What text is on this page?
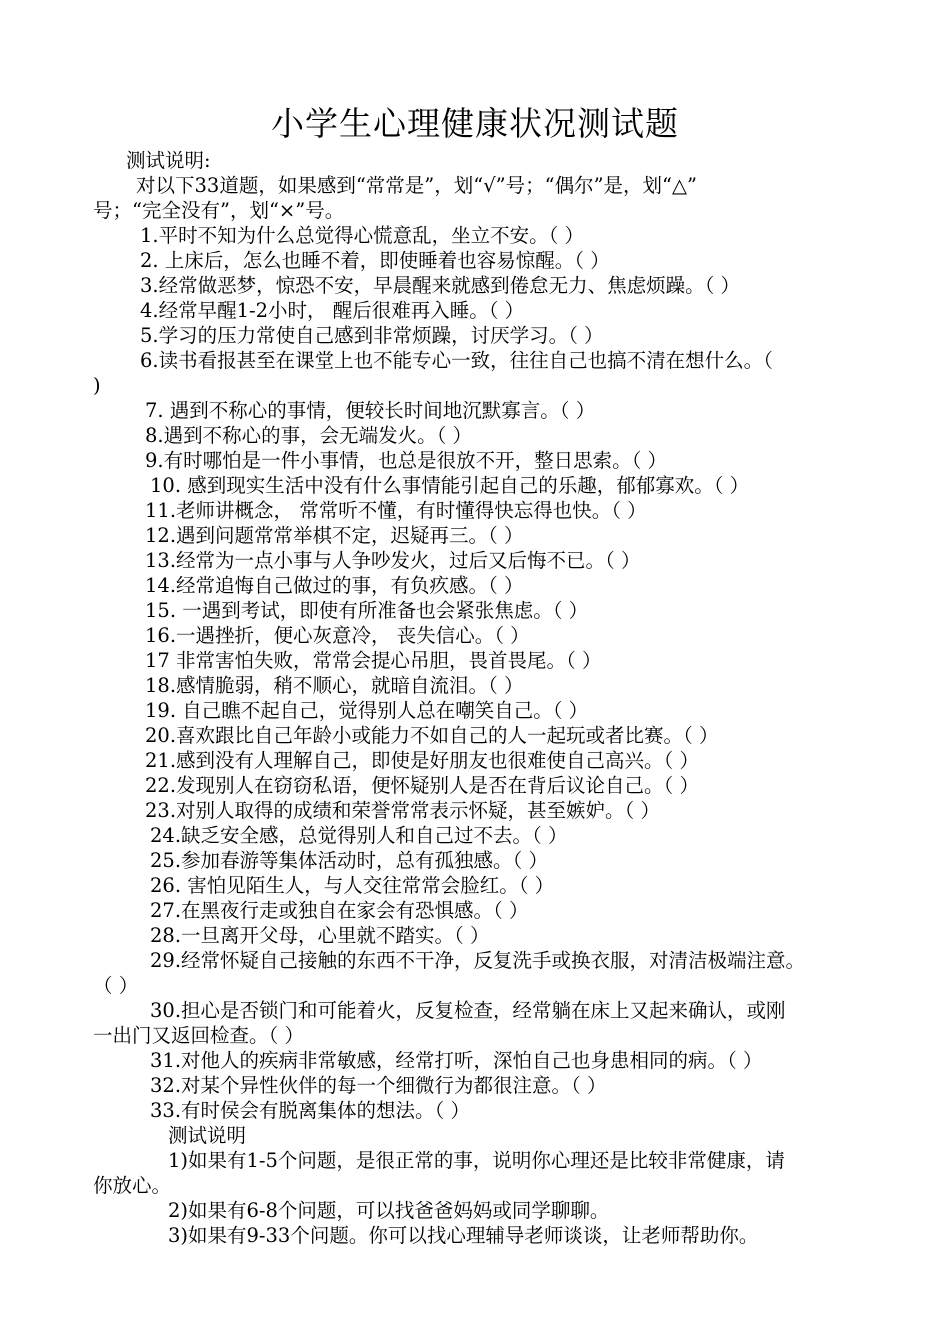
小学生心理健康状况测试题
测试说明:
对以下33道题，如果感到“常常是”，划“√”号；“偶尔”是，划“△”
号；“完全没有”，划“×”号。
1.平时不知为什么总觉得心慌意乱，坐立不安。（ ）
2. 上床后，怎么也睡不着，即使睡着也容易惊醒。（ ）
3.经常做恶梦，惊恐不安，早晨醒来就感到倦怠无力、焦虑烦躁。（ ）
4.经常早醒1-2小时， 醒后很难再入睡。（ ）
5.学习的压力常使自己感到非常烦躁，讨厌学习。（ ）
6.读书看报甚至在课堂上也不能专心一致，往往自己也搞不清在想什么。（
)
7. 遇到不称心的事情，便较长时间地沉默寡言。（ ）
8.遇到不称心的事，会无端发火。（ ）
9.有时哪怕是一件小事情，也总是很放不开，整日思索。（ ）
10. 感到现实生活中没有什么事情能引起自己的乐趣，郁郁寡欢。（ ）
11.老师讲概念， 常常听不懂，有时懂得快忘得也快。（ ）
12.遇到问题常常举棋不定，迟疑再三。（ ）
13.经常为一点小事与人争吵发火，过后又后悔不已。（ ）
14.经常追悔自己做过的事，有负疚感。（ ）
15. 一遇到考试，即使有所准备也会紧张焦虑。（ ）
16.一遇挫折，便心灰意冷， 丧失信心。（ ）
17 非常害怕失败，常常会提心吊胆，畏首畏尾。（ ）
18.感情脆弱，稍不顺心，就暗自流泪。（ ）
19. 自己瞧不起自己，觉得别人总在嘲笑自己。（ ）
20.喜欢跟比自己年龄小或能力不如自己的人一起玩或者比赛。（ ）
21.感到没有人理解自己，即使是好朋友也很难使自己高兴。（ ）
22.发现别人在窃窃私语，便怀疑别人是否在背后议论自己。（ ）
23.对别人取得的成绩和荣誉常常表示怀疑，甚至嫉妒。（ ）
24.缺乏安全感，总觉得别人和自己过不去。（ ）
25.参加春游等集体活动时，总有孤独感。（ ）
26. 害怕见陌生人，与人交往常常会脸红。（ ）
27.在黑夜行走或独自在家会有恐惧感。（ ）
28.一旦离开父母，心里就不踏实。（ ）
29.经常怀疑自己接触的东西不干净，反复洗手或换衣服，对清洁极端注意。
（ ）
30.担心是否锁门和可能着火，反复检查，经常躺在床上又起来确认，或刚
一出门又返回检查。（ ）
31.对他人的疾病非常敏感，经常打听，深怕自己也身患相同的病。（ ）
32.对某个异性伙伴的每一个细微行为都很注意。（ ）
33.有时侯会有脱离集体的想法。（ ）
测试说明
1)如果有1-5个问题，是很正常的事，说明你心理还是比较非常健康，请
你放心。
2)如果有6-8个问题，可以找爸爸妈妈或同学聊聊。
3)如果有9-33个问题。你可以找心理辅导老师谈谈，让老师帮助你。
